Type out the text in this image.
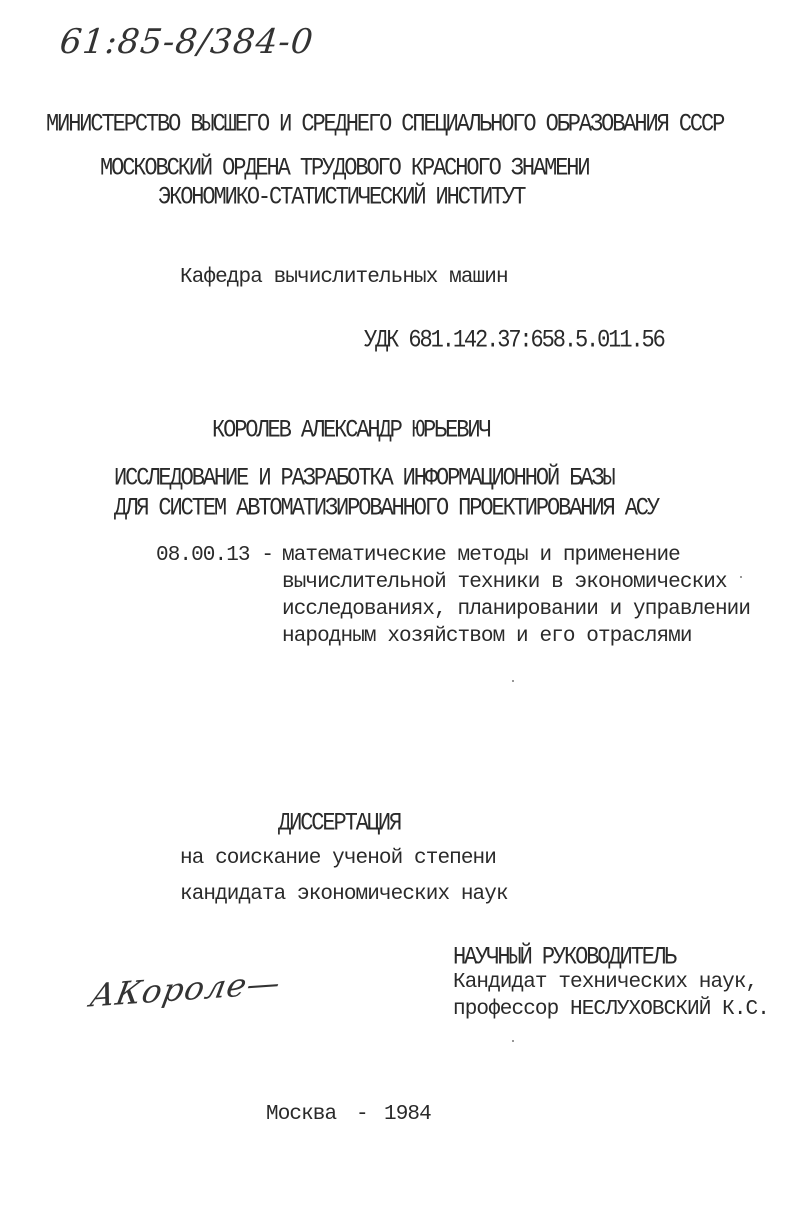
61:85-8/384-0
МИНИСТЕРСТВО ВЫСШЕГО И СРЕДНЕГО СПЕЦИАЛЬНОГО ОБРАЗОВАНИЯ СССР
МОСКОВСКИЙ ОРДЕНА ТРУДОВОГО КРАСНОГО ЗНАМЕНИ
ЭКОНОМИКО-СТАТИСТИЧЕСКИЙ ИНСТИТУТ
Кафедра вычислительных машин
УДК 681.142.37:658.5.011.56
КОРОЛЕВ АЛЕКСАНДР ЮРЬЕВИЧ
ИССЛЕДОВАНИЕ И РАЗРАБОТКА ИНФОРМАЦИОННОЙ БАЗЫ
ДЛЯ СИСТЕМ АВТОМАТИЗИРОВАННОГО ПРОЕКТИРОВАНИЯ АСУ
08.00.13 - математические методы и применение
вычислительной техники в экономических
исследованиях, планировании и управлении
народным хозяйством и его отраслями
ДИССЕРТАЦИЯ
на соискание ученой степени
кандидата экономических наук
НАУЧНЫЙ РУКОВОДИТЕЛЬ
Кандидат технических наук,
профессор НЕСЛУХОВСКИЙ К.С.
АКороле—
Москва - 1984
